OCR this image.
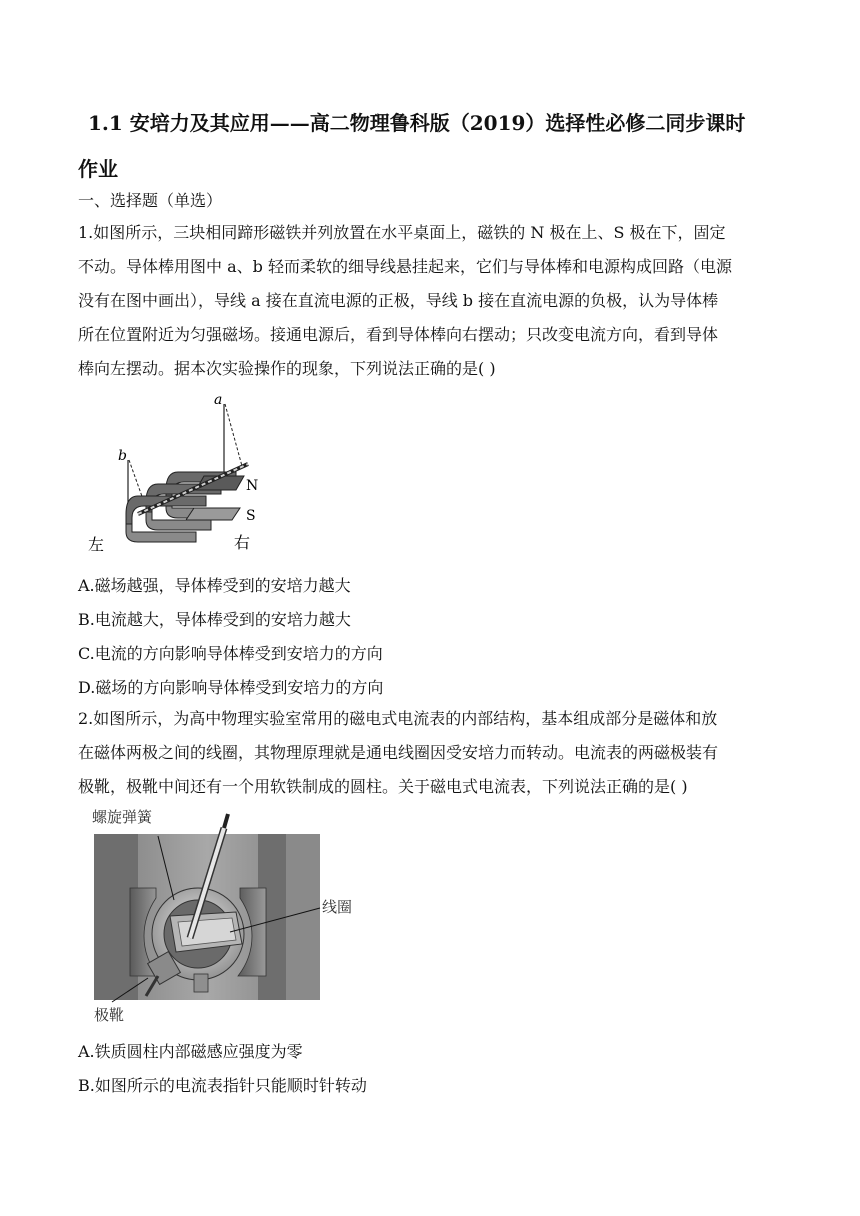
1.1 安培力及其应用——高二物理鲁科版（2019）选择性必修二同步课时
作业
一、选择题（单选）
1.如图所示，三块相同蹄形磁铁并列放置在水平桌面上，磁铁的 N 极在上、S 极在下，固定
不动。导体棒用图中 a、b 轻而柔软的细导线悬挂起来，它们与导体棒和电源构成回路（电源
没有在图中画出），导线 a 接在直流电源的正极，导线 b 接在直流电源的负极，认为导体棒
所在位置附近为匀强磁场。接通电源后，看到导体棒向右摆动；只改变电流方向，看到导体
棒向左摆动。据本次实验操作的现象，下列说法正确的是( )
a
b
N
S
左	右
A.磁场越强，导体棒受到的安培力越大
B.电流越大，导体棒受到的安培力越大
C.电流的方向影响导体棒受到安培力的方向
D.磁场的方向影响导体棒受到安培力的方向
2.如图所示，为高中物理实验室常用的磁电式电流表的内部结构，基本组成部分是磁体和放
在磁体两极之间的线圈，其物理原理就是通电线圈因受安培力而转动。电流表的两磁极装有
极靴，极靴中间还有一个用软铁制成的圆柱。关于磁电式电流表，下列说法正确的是( )
螺旋弹簧
线圈
极靴
A.铁质圆柱内部磁感应强度为零
B.如图所示的电流表指针只能顺时针转动
